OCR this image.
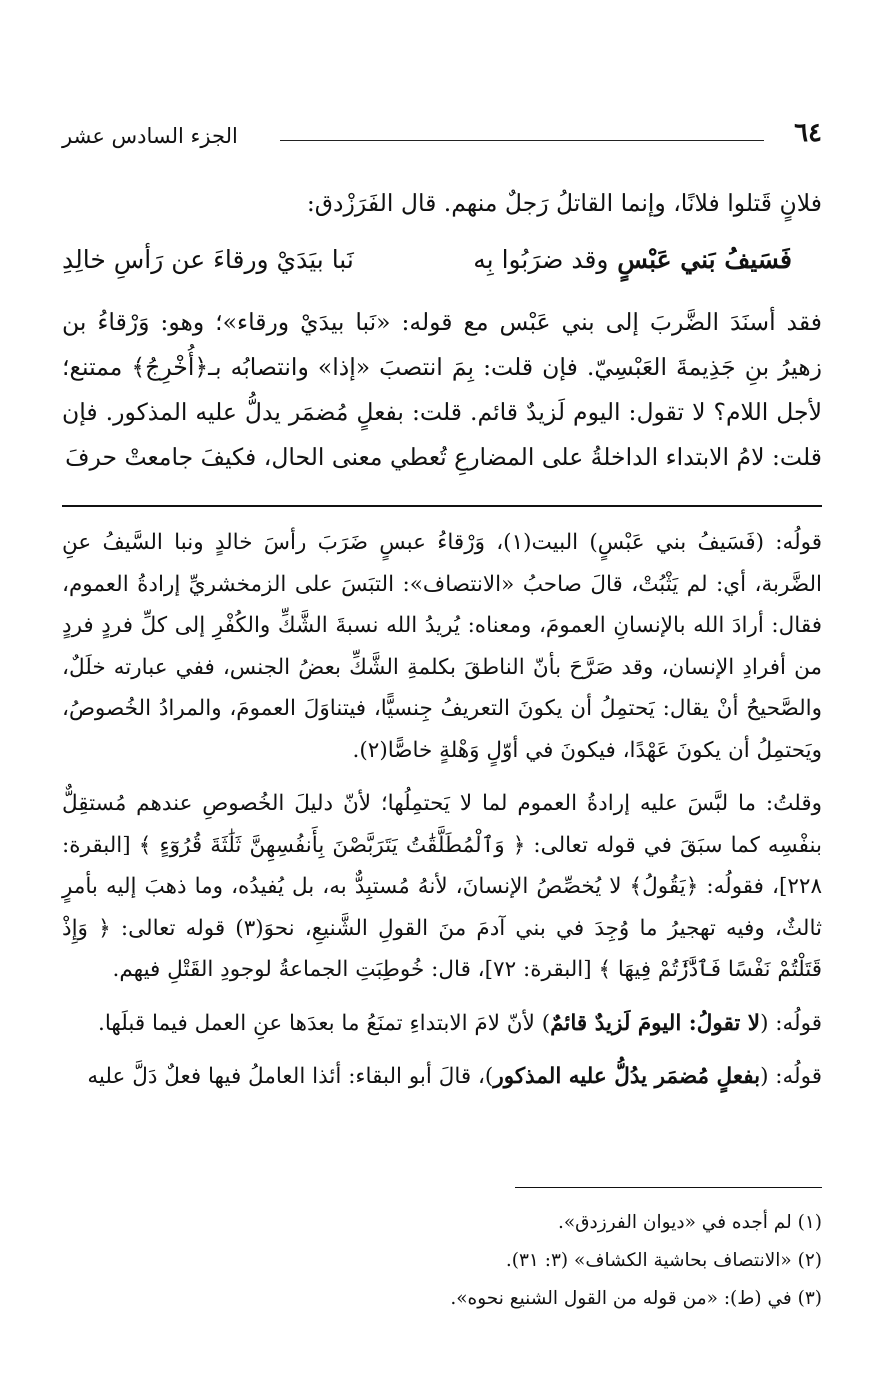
٦٤
الجزء السادس عشر

فلانٍ قَتلوا فلانًا، وإنما القاتلُ رَجلٌ منهم. قال الفَرَزْدق:

فَسَيفُ بَني عَبْسٍ وقد ضرَبُوا بِه
نَبا بيَدَيْ ورقاءَ عن رَأسِ خالِدِ

فقد أسنَدَ الضَّربَ إلى بني عَبْس مع قوله: «نَبا بيدَيْ ورقاء»؛ وهو: وَرْقاءُ بن زهيرُ بنِ جَذِيمةَ العَبْسِيّ. فإن قلت: بِمَ انتصبَ «إذا» وانتصابُه بـ﴿أُخْرِجُ﴾ ممتنع؛ لأجل اللام؟ لا تقول: اليوم لَزيدٌ قائم. قلت: بفعلٍ مُضمَر يدلُّ عليه المذكور. فإن قلت: لامُ الابتداء الداخلةُ على المضارعِ تُعطي معنى الحال، فكيفَ جامعتْ حرفَ

قولُه: (فَسَيفُ بني عَبْسٍ) البيت(١)، وَرْقاءُ عبسٍ ضَرَبَ رأسَ خالدٍ ونبا السَّيفُ عنِ الضَّربة، أي: لم يَثْبُتْ، قالَ صاحبُ «الانتصاف»: التبَسَ على الزمخشريِّ إرادةُ العموم، فقال: أرادَ الله بالإنسانِ العمومَ، ومعناه: يُريدُ الله نسبةَ الشَّكِّ والكُفْرِ إلى كلِّ فردٍ فردٍ من أفرادِ الإنسان، وقد صَرَّحَ بأنّ الناطقَ بكلمةِ الشَّكِّ بعضُ الجنس، ففي عبارته خلَلٌ، والصَّحيحُ أنْ يقال: يَحتمِلُ أن يكونَ التعريفُ جِنسيًّا، فيتناوَلَ العمومَ، والمرادُ الخُصوصُ، ويَحتمِلُ أن يكونَ عَهْدًا، فيكونَ في أوّلٍ وَهْلةٍ خاصًّا(٢).

وقلتُ: ما لبَّسَ عليه إرادةُ العموم لما لا يَحتمِلُها؛ لأنّ دليلَ الخُصوصِ عندهم مُستقِلٌّ بنفْسِه كما سبَقَ في قوله تعالى: ﴿ وَٱلْمُطَلَّقَٰتُ يَتَرَبَّصْنَ بِأَنفُسِهِنَّ ثَلَٰثَةَ قُرُوٓءٍ ﴾ [البقرة: ٢٢٨]، فقولُه: ﴿يَقُولُ﴾ لا يُخصِّصُ الإنسانَ، لأنهُ مُستبِدٌّ به، بل يُفيدُه، وما ذهبَ إليه بأمرٍ ثالثٌ، وفيه تهجيرُ ما وُجِدَ في بني آدمَ منَ القولِ الشَّنيعِ، نحوَ(٣) قوله تعالى: ﴿ وَإِذْ قَتَلْتُمْ نَفْسًا فَٱدَّٰرَٰٔتُمْ فِيهَا ﴾ [البقرة: ٧٢]، قال: خُوطِبَتِ الجماعةُ لوجودِ القَتْلِ فيهم.

قولُه: (لا تقولُ: اليومَ لَزيدٌ قائمٌ) لأنّ لامَ الابتداءِ تمنَعُ ما بعدَها عنِ العمل فيما قبلَها.

قولُه: (بفعلٍ مُضمَر يدُلُّ عليه المذكور)، قالَ أبو البقاء: أئذا العاملُ فيها فعلٌ دَلَّ عليه

(١) لم أجده في «ديوان الفرزدق».
(٢) «الانتصاف بحاشية الكشاف» (٣: ٣١).
(٣) في (ط): «من قوله من القول الشنيع نحوه».
